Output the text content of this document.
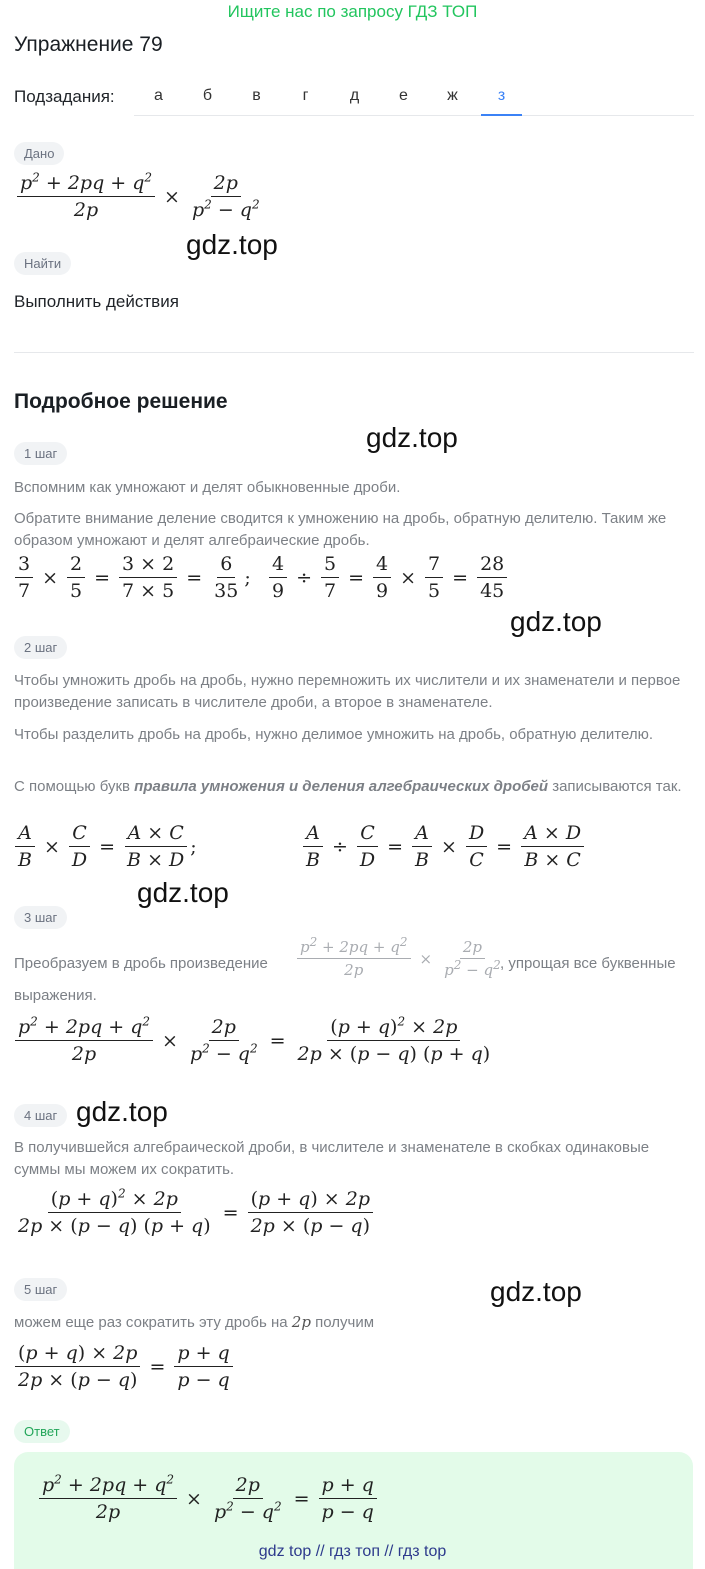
Ищите нас по запросу ГДЗ ТОП
Упражнение 79
Подзадания:	а	б	в	г	д	е	ж	з
Дано
$\frac{p^2 + 2pq + q^2}{2p} \times \frac{2p}{p^2 - q^2}$
gdz.top
Найти
Выполнить действия
Подробное решение
gdz.top
1 шаг
Вспомним как умножают и делят обыкновенные дроби.
Обратите внимание деление сводится к умножению на дробь, обратную делителю. Таким же образом умножают и делят алгебраические дробь.
$\frac{3}{7} \times \frac{2}{5} = \frac{3 \times 2}{7 \times 5} = \frac{6}{35}$ ; $\frac{4}{9} \div \frac{5}{7} = \frac{4}{9} \times \frac{7}{5} = \frac{28}{45}$
gdz.top
2 шаг
Чтобы умножить дробь на дробь, нужно перемножить их числители и их знаменатели и первое произведение записать в числителе дроби, а второе в знаменателе.
Чтобы разделить дробь на дробь, нужно делимое умножить на дробь, обратную делителю.
С помощью букв правила умножения и деления алгебраических дробей записываются так.
$\frac{A}{B} \times \frac{C}{D} = \frac{A \times C}{B \times D}$ ;	$\frac{A}{B} \div \frac{C}{D} = \frac{A}{B} \times \frac{D}{C} = \frac{A \times D}{B \times C}$
gdz.top
3 шаг
Преобразуем в дробь произведение	$\frac{p^2 + 2pq + q^2}{2p} \times \frac{2p}{p^2 - q^2}$
, упрощая все буквенные
выражения.
$\frac{p^2 + 2pq + q^2}{2p} \times \frac{2p}{p^2 - q^2} = \frac{(p + q)^2 \times 2p}{2p \times (p - q) (p + q)}$
4 шаг gdz.top
В получившейся алгебраической дроби, в числителе и знаменателе в скобках одинаковые суммы мы можем их сократить.
$\frac{(p + q)^2 \times 2p}{2p \times (p - q) (p + q)} = \frac{(p + q) \times 2p}{2p \times (p - q)}$
5 шаг	gdz.top
можем еще раз сократить эту дробь на 2p получим
$\frac{(p + q) \times 2p}{2p \times (p - q)} = \frac{p + q}{p - q}$
Ответ
$\frac{p^2 + 2pq + q^2}{2p} \times \frac{2p}{p^2 - q^2} = \frac{p + q}{p - q}$
gdz top // гдз топ // гдз top
